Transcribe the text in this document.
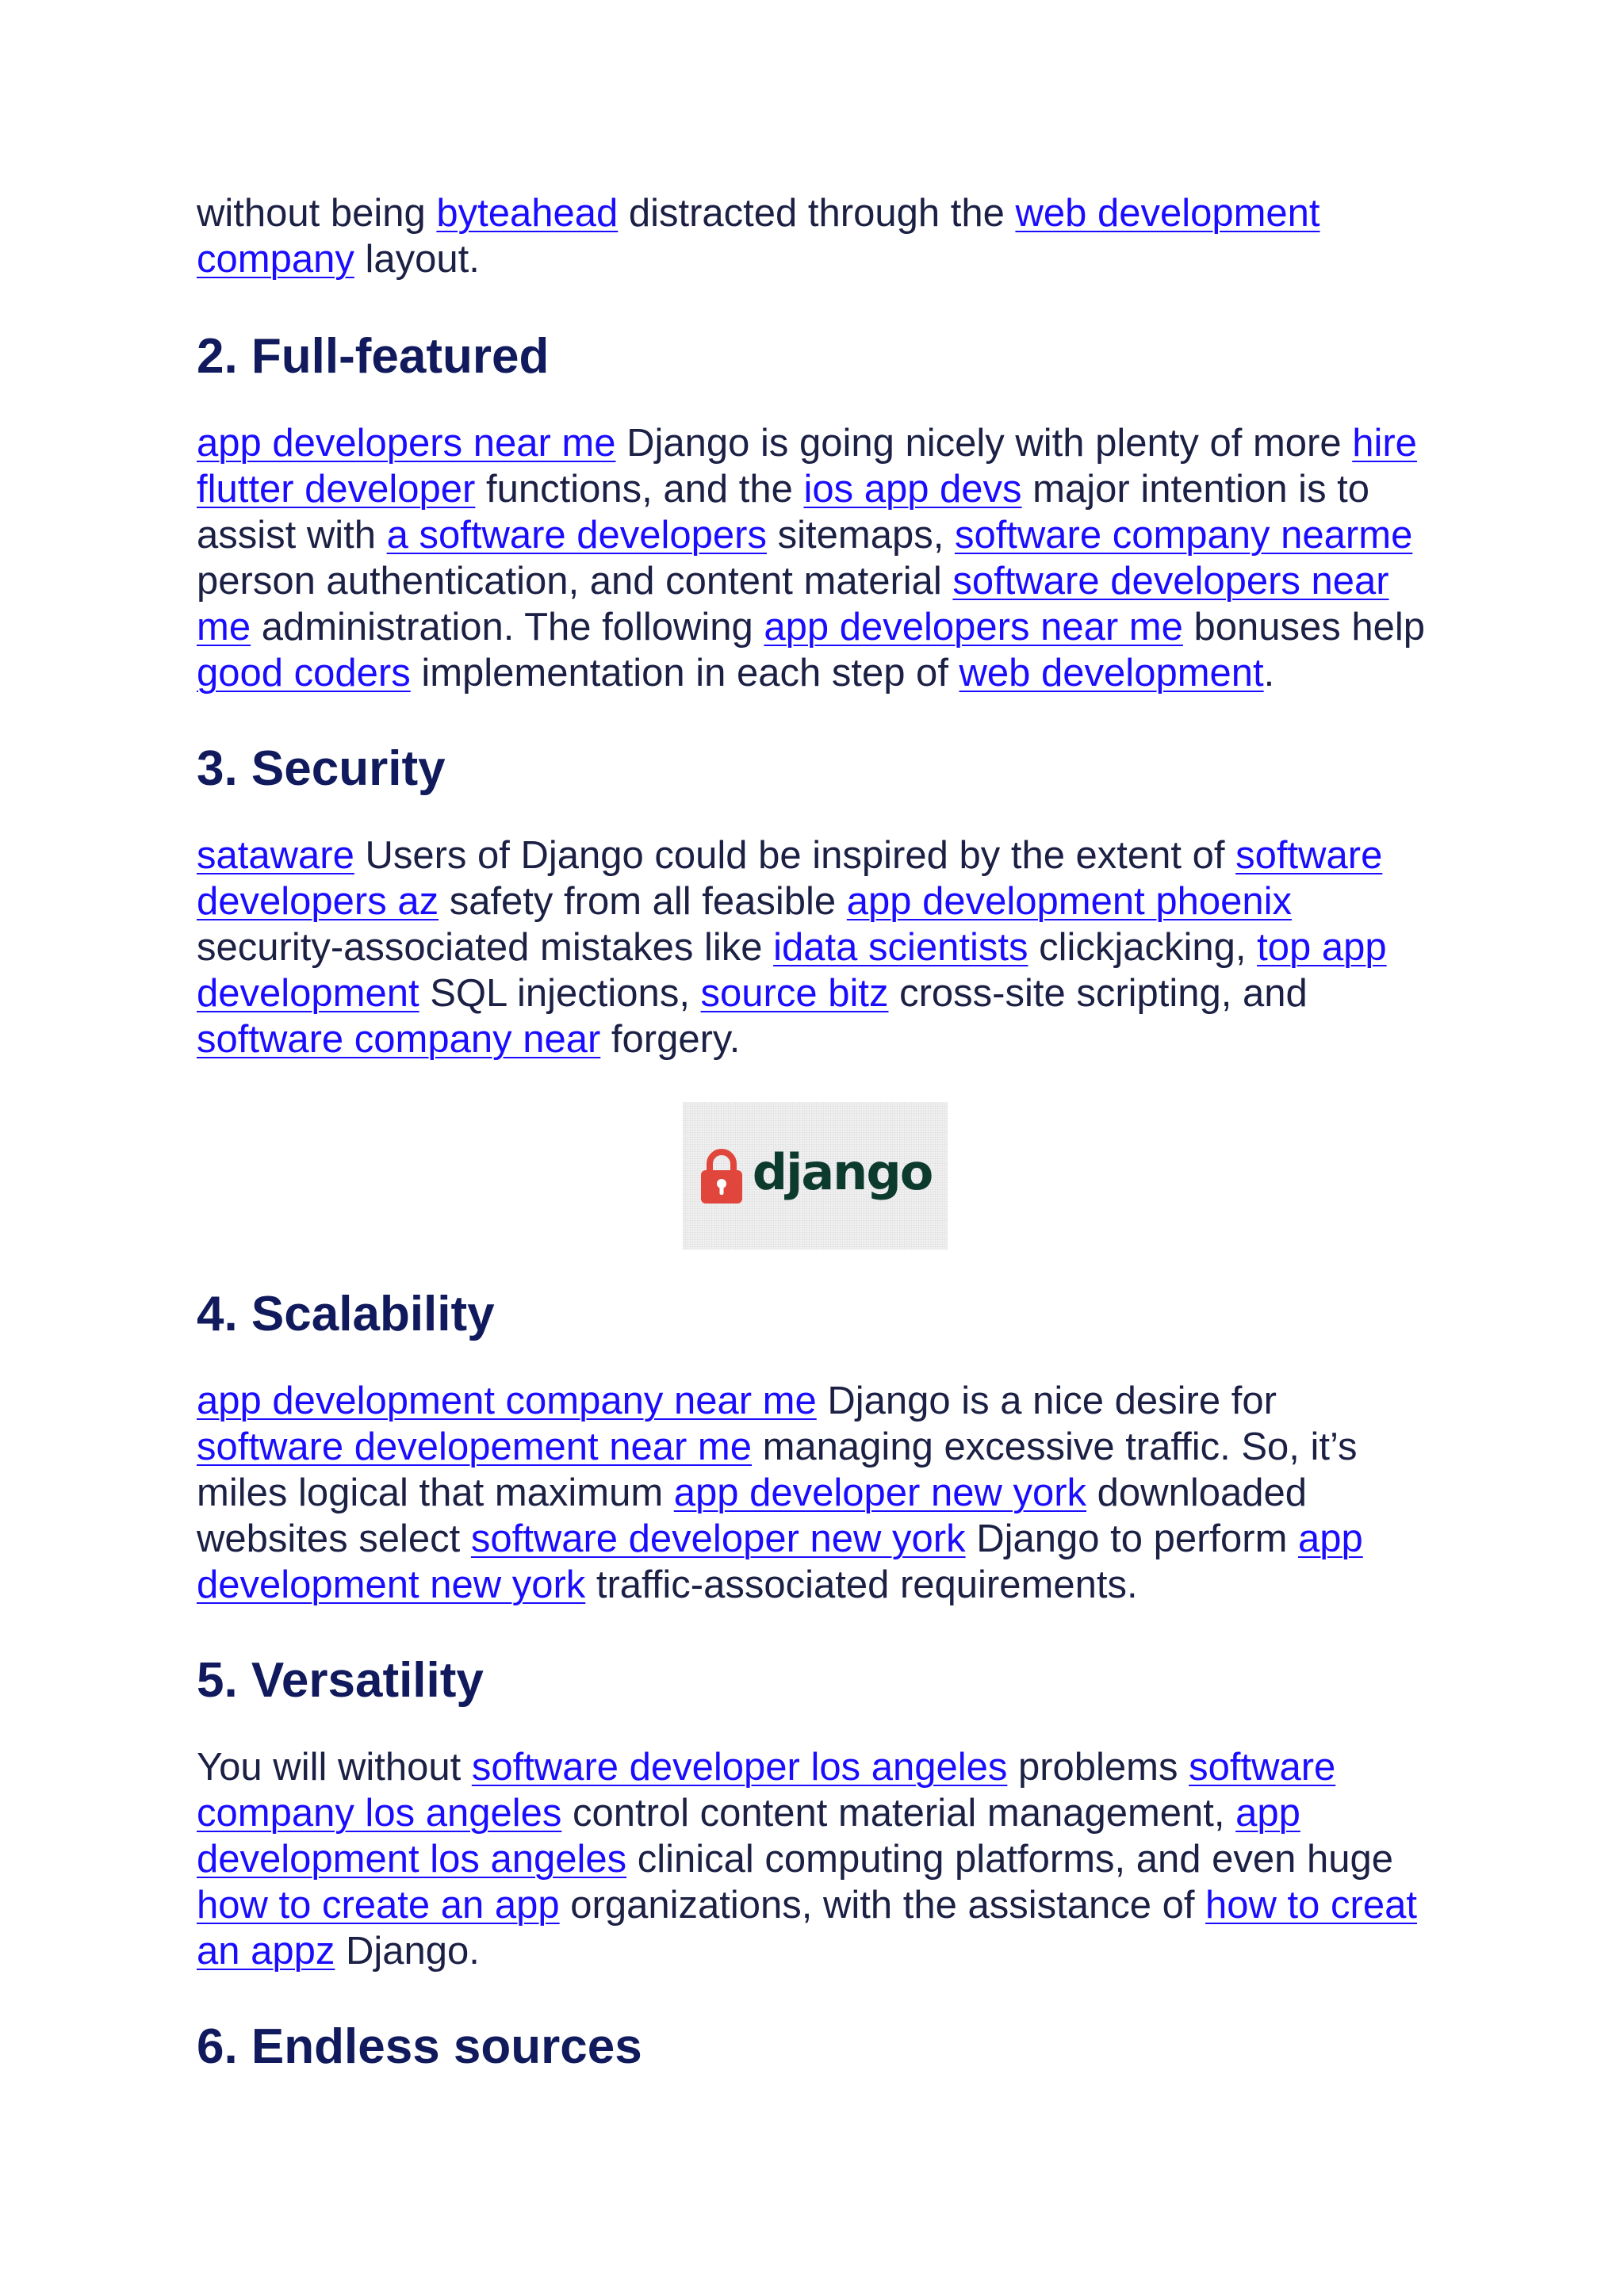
without being byteahead distracted through the web development company layout.

2. Full-featured

app developers near me Django is going nicely with plenty of more hire flutter developer functions, and the ios app devs major intention is to assist with a software developers sitemaps, software company nearme person authentication, and content material software developers near me administration. The following app developers near me bonuses help good coders implementation in each step of web development.

3. Security

sataware Users of Django could be inspired by the extent of software developers az safety from all feasible app development phoenix security-associated mistakes like idata scientists clickjacking, top app development SQL injections, source bitz cross-site scripting, and software company near forgery.

django
4. Scalability

app development company near me Django is a nice desire for software developement near me managing excessive traffic. So, it’s miles logical that maximum app developer new york downloaded websites select software developer new york Django to perform app development new york traffic-associated requirements.

5. Versatility

You will without software developer los angeles problems software company los angeles control content material management, app development los angeles clinical computing platforms, and even huge how to create an app organizations, with the assistance of how to creat an appz Django.

6. Endless sources
